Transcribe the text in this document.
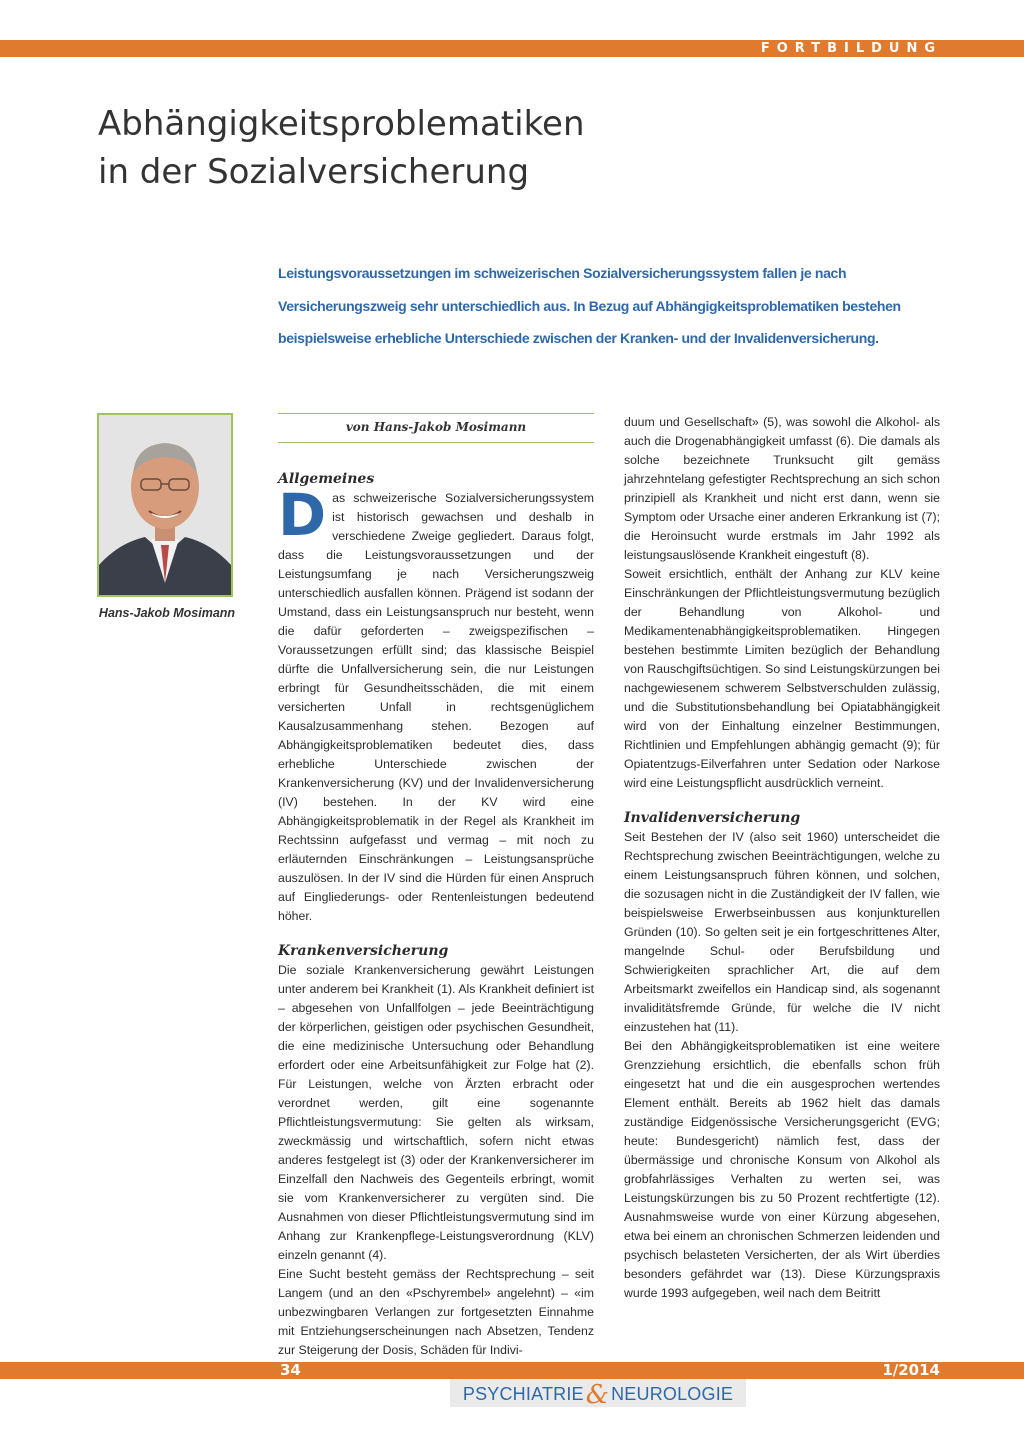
FORTBILDUNG
Abhängigkeitsproblematiken
in der Sozialversicherung

Leistungsvoraussetzungen im schweizerischen Sozialversicherungssystem fallen je nach Versicherungszweig sehr unterschiedlich aus. In Bezug auf Abhängigkeitsproblematiken bestehen beispielsweise erhebliche Unterschiede zwischen der Kranken- und der Invalidenversicherung.

Hans-Jakob Mosimann
von Hans-Jakob Mosimann
Allgemeines

Das schweizerische Sozialversicherungssystem ist historisch gewachsen und deshalb in verschiedene Zweige gegliedert. Daraus folgt, dass die Leistungsvoraussetzungen und der Leistungsumfang je nach Versicherungszweig unterschiedlich ausfallen können. Prägend ist sodann der Umstand, dass ein Leistungsanspruch nur besteht, wenn die dafür geforderten – zweigspezifischen – Voraussetzungen erfüllt sind; das klassische Beispiel dürfte die Unfallversicherung sein, die nur Leistungen erbringt für Gesundheitsschäden, die mit einem versicherten Unfall in rechtsgenüglichem Kausalzusammenhang stehen. Bezogen auf Abhängigkeitsproblematiken bedeutet dies, dass erhebliche Unterschiede zwischen der Krankenversicherung (KV) und der Invalidenversicherung (IV) bestehen. In der KV wird eine Abhängigkeitsproblematik in der Regel als Krankheit im Rechtssinn aufgefasst und vermag – mit noch zu erläuternden Einschränkungen – Leistungsansprüche auszulösen. In der IV sind die Hürden für einen Anspruch auf Eingliederungs- oder Rentenleistungen bedeutend höher.

Krankenversicherung

Die soziale Krankenversicherung gewährt Leistungen unter anderem bei Krankheit (1). Als Krankheit definiert ist – abgesehen von Unfallfolgen – jede Beeinträchtigung der körperlichen, geistigen oder psychischen Gesundheit, die eine medizinische Untersuchung oder Behandlung erfordert oder eine Arbeitsunfähigkeit zur Folge hat (2). Für Leistungen, welche von Ärzten erbracht oder verordnet werden, gilt eine sogenannte Pflichtleistungsvermutung: Sie gelten als wirksam, zweckmässig und wirtschaftlich, sofern nicht etwas anderes festgelegt ist (3) oder der Krankenversicherer im Einzelfall den Nachweis des Gegenteils erbringt, womit sie vom Krankenversicherer zu vergüten sind. Die Ausnahmen von dieser Pflichtleistungsvermutung sind im Anhang zur Krankenpflege-Leistungsverordnung (KLV) einzeln genannt (4).

Eine Sucht besteht gemäss der Rechtsprechung – seit Langem (und an den «Pschyrembel» angelehnt) – «im unbezwingbaren Verlangen zur fortgesetzten Einnahme mit Entziehungserscheinungen nach Absetzen, Tendenz zur Steigerung der Dosis, Schäden für Indivi-

duum und Gesellschaft» (5), was sowohl die Alkohol- als auch die Drogenabhängigkeit umfasst (6). Die damals als solche bezeichnete Trunksucht gilt gemäss jahrzehntelang gefestigter Rechtsprechung an sich schon prinzipiell als Krankheit und nicht erst dann, wenn sie Symptom oder Ursache einer anderen Erkrankung ist (7); die Heroinsucht wurde erstmals im Jahr 1992 als leistungsauslösende Krankheit eingestuft (8).

Soweit ersichtlich, enthält der Anhang zur KLV keine Einschränkungen der Pflichtleistungsvermutung bezüglich der Behandlung von Alkohol- und Medikamentenabhängigkeitsproblematiken. Hingegen bestehen bestimmte Limiten bezüglich der Behandlung von Rauschgiftsüchtigen. So sind Leistungskürzungen bei nachgewiesenem schwerem Selbstverschulden zulässig, und die Substitutionsbehandlung bei Opiatabhängigkeit wird von der Einhaltung einzelner Bestimmungen, Richtlinien und Empfehlungen abhängig gemacht (9); für Opiatentzugs-Eilverfahren unter Sedation oder Narkose wird eine Leistungspflicht ausdrücklich verneint.

Invalidenversicherung

Seit Bestehen der IV (also seit 1960) unterscheidet die Rechtsprechung zwischen Beeinträchtigungen, welche zu einem Leistungsanspruch führen können, und solchen, die sozusagen nicht in die Zuständigkeit der IV fallen, wie beispielsweise Erwerbseinbussen aus konjunkturellen Gründen (10). So gelten seit je ein fortgeschrittenes Alter, mangelnde Schul- oder Berufsbildung und Schwierigkeiten sprachlicher Art, die auf dem Arbeitsmarkt zweifellos ein Handicap sind, als sogenannt invaliditätsfremde Gründe, für welche die IV nicht einzustehen hat (11).

Bei den Abhängigkeitsproblematiken ist eine weitere Grenzziehung ersichtlich, die ebenfalls schon früh eingesetzt hat und die ein ausgesprochen wertendes Element enthält. Bereits ab 1962 hielt das damals zuständige Eidgenössische Versicherungsgericht (EVG; heute: Bundesgericht) nämlich fest, dass der übermässige und chronische Konsum von Alkohol als grobfahrlässiges Verhalten zu werten sei, was Leistungskürzungen bis zu 50 Prozent rechtfertigte (12). Ausnahmsweise wurde von einer Kürzung abgesehen, etwa bei einem an chronischen Schmerzen leidenden und psychisch belasteten Versicherten, der als Wirt überdies besonders gefährdet war (13). Diese Kürzungspraxis wurde 1993 aufgegeben, weil nach dem Beitritt

34	1/2014
PSYCHIATRIE& NEUROLOGIE
